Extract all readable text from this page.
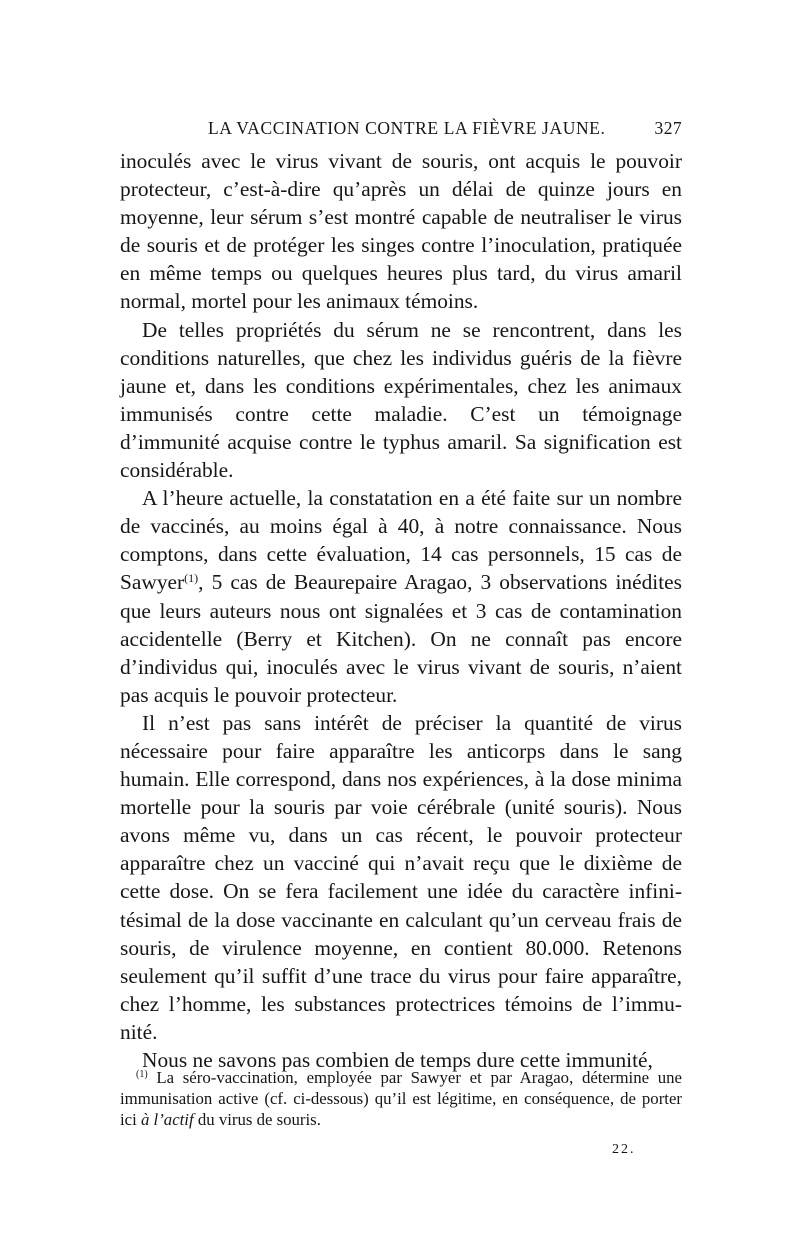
LA VACCINATION CONTRE LA FIÈVRE JAUNE.	327

inoculés avec le virus vivant de souris, ont acquis le pouvoir protecteur, c’est-à-dire qu’après un délai de quinze jours en moyenne, leur sérum s’est montré capable de neutraliser le virus de souris et de protéger les singes contre l’inoculation, pratiquée en même temps ou quelques heures plus tard, du virus amaril normal, mortel pour les animaux témoins.

De telles propriétés du sérum ne se rencontrent, dans les conditions naturelles, que chez les individus guéris de la fièvre jaune et, dans les conditions expérimentales, chez les animaux immunisés contre cette maladie. C’est un témoignage d’immunité acquise contre le typhus amaril. Sa signification est considérable.

A l’heure actuelle, la constatation en a été faite sur un nombre de vaccinés, au moins égal à 40, à notre connaissance. Nous comptons, dans cette évaluation, 14 cas personnels, 15 cas de Sawyer$^{(1)}$, 5 cas de Beaurepaire Aragao, 3 observations inédites que leurs auteurs nous ont signalées et 3 cas de contamination accidentelle (Berry et Kitchen). On ne connaît pas encore d’individus qui, inoculés avec le virus vivant de souris, n’aient pas acquis le pouvoir protecteur.

Il n’est pas sans intérêt de préciser la quantité de virus nécessaire pour faire apparaître les anticorps dans le sang humain. Elle correspond, dans nos expériences, à la dose minima mortelle pour la souris par voie cérébrale (unité souris). Nous avons même vu, dans un cas récent, le pouvoir protecteur apparaître chez un vacciné qui n’avait reçu que le dixième de cette dose. On se fera facilement une idée du caractère infinitésimal de la dose vaccinante en calculant qu’un cerveau frais de souris, de virulence moyenne, en contient 80.000. Retenons seulement qu’il suffit d’une trace du virus pour faire apparaître, chez l’homme, les substances protectrices témoins de l’immunité.

Nous ne savons pas combien de temps dure cette immunité,

$^{(1)}$ La séro-vaccination, employée par Sawyer et par Aragao, détermine une immunisation active (cf. ci-dessous) qu’il est légitime, en conséquence, de porter ici à l’actif du virus de souris.

22.
